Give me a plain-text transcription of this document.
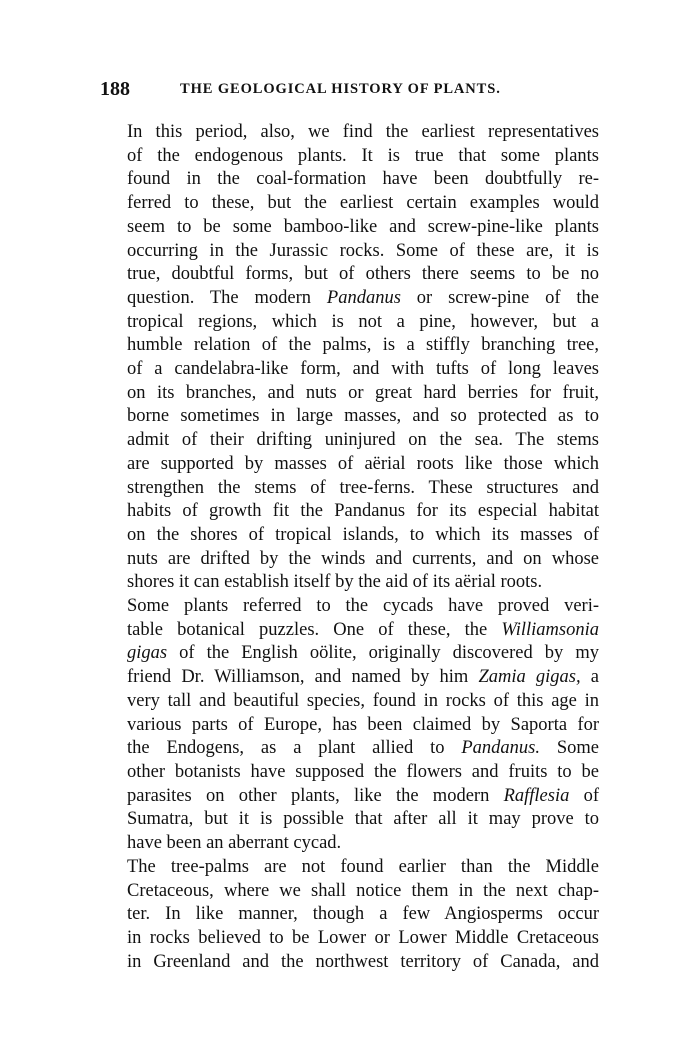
188	THE GEOLOGICAL HISTORY OF PLANTS.

In this period, also, we find the earliest representatives
of the endogenous plants. It is true that some plants
found in the coal-formation have been doubtfully re-
ferred to these, but the earliest certain examples would
seem to be some bamboo-like and screw-pine-like plants
occurring in the Jurassic rocks. Some of these are, it is
true, doubtful forms, but of others there seems to be no
question. The modern Pandanus or screw-pine of the
tropical regions, which is not a pine, however, but a
humble relation of the palms, is a stiffly branching tree,
of a candelabra-like form, and with tufts of long leaves
on its branches, and nuts or great hard berries for fruit,
borne sometimes in large masses, and so protected as to
admit of their drifting uninjured on the sea. The stems
are supported by masses of aërial roots like those which
strengthen the stems of tree-ferns. These structures and
habits of growth fit the Pandanus for its especial habitat
on the shores of tropical islands, to which its masses of
nuts are drifted by the winds and currents, and on whose
shores it can establish itself by the aid of its aërial roots.

Some plants referred to the cycads have proved veri-
table botanical puzzles. One of these, the Williamsonia
gigas of the English oölite, originally discovered by my
friend Dr. Williamson, and named by him Zamia gigas, a
very tall and beautiful species, found in rocks of this age in
various parts of Europe, has been claimed by Saporta for
the Endogens, as a plant allied to Pandanus. Some
other botanists have supposed the flowers and fruits to be
parasites on other plants, like the modern Rafflesia of
Sumatra, but it is possible that after all it may prove to
have been an aberrant cycad.

The tree-palms are not found earlier than the Middle
Cretaceous, where we shall notice them in the next chap-
ter. In like manner, though a few Angiosperms occur
in rocks believed to be Lower or Lower Middle Cretaceous
in Greenland and the northwest territory of Canada, and
